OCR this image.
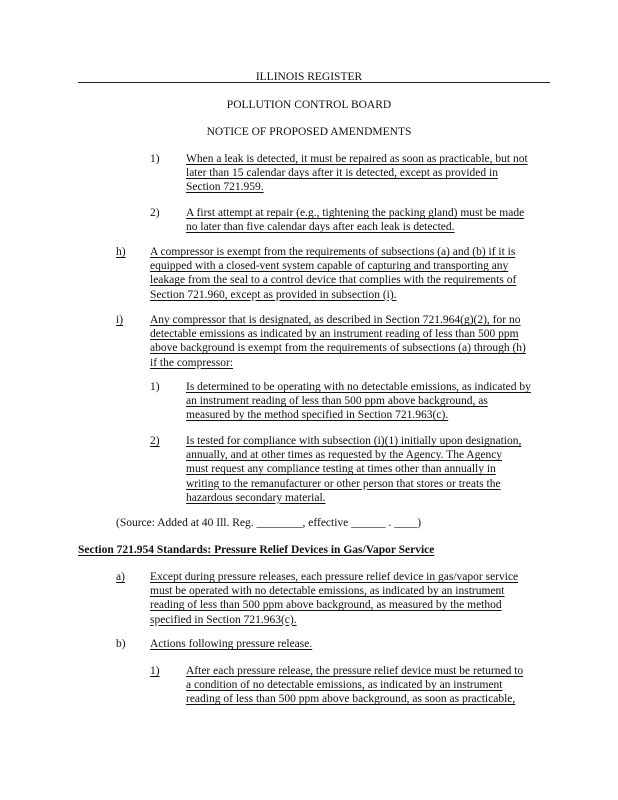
ILLINOIS REGISTER
POLLUTION CONTROL BOARD
NOTICE OF PROPOSED AMENDMENTS
1) When a leak is detected, it must be repaired as soon as practicable, but not
later than 15 calendar days after it is detected, except as provided in
Section 721.959.
2) A first attempt at repair (e.g., tightening the packing gland) must be made
no later than five calendar days after each leak is detected.
h) A compressor is exempt from the requirements of subsections (a) and (b) if it is
equipped with a closed-vent system capable of capturing and transporting any
leakage from the seal to a control device that complies with the requirements of
Section 721.960, except as provided in subsection (i).
i) Any compressor that is designated, as described in Section 721.964(g)(2), for no
detectable emissions as indicated by an instrument reading of less than 500 ppm
above background is exempt from the requirements of subsections (a) through (h)
if the compressor:
1) Is determined to be operating with no detectable emissions, as indicated by
an instrument reading of less than 500 ppm above background, as
measured by the method specified in Section 721.963(c).
2) Is tested for compliance with subsection (i)(1) initially upon designation,
annually, and at other times as requested by the Agency. The Agency
must request any compliance testing at times other than annually in
writing to the remanufacturer or other person that stores or treats the
hazardous secondary material.
(Source: Added at 40 Ill. Reg. ________, effective ______ . ____)
Section 721.954 Standards: Pressure Relief Devices in Gas/Vapor Service
a) Except during pressure releases, each pressure relief device in gas/vapor service
must be operated with no detectable emissions, as indicated by an instrument
reading of less than 500 ppm above background, as measured by the method
specified in Section 721.963(c).
b) Actions following pressure release.
1) After each pressure release, the pressure relief device must be returned to
a condition of no detectable emissions, as indicated by an instrument
reading of less than 500 ppm above background, as soon as practicable,
